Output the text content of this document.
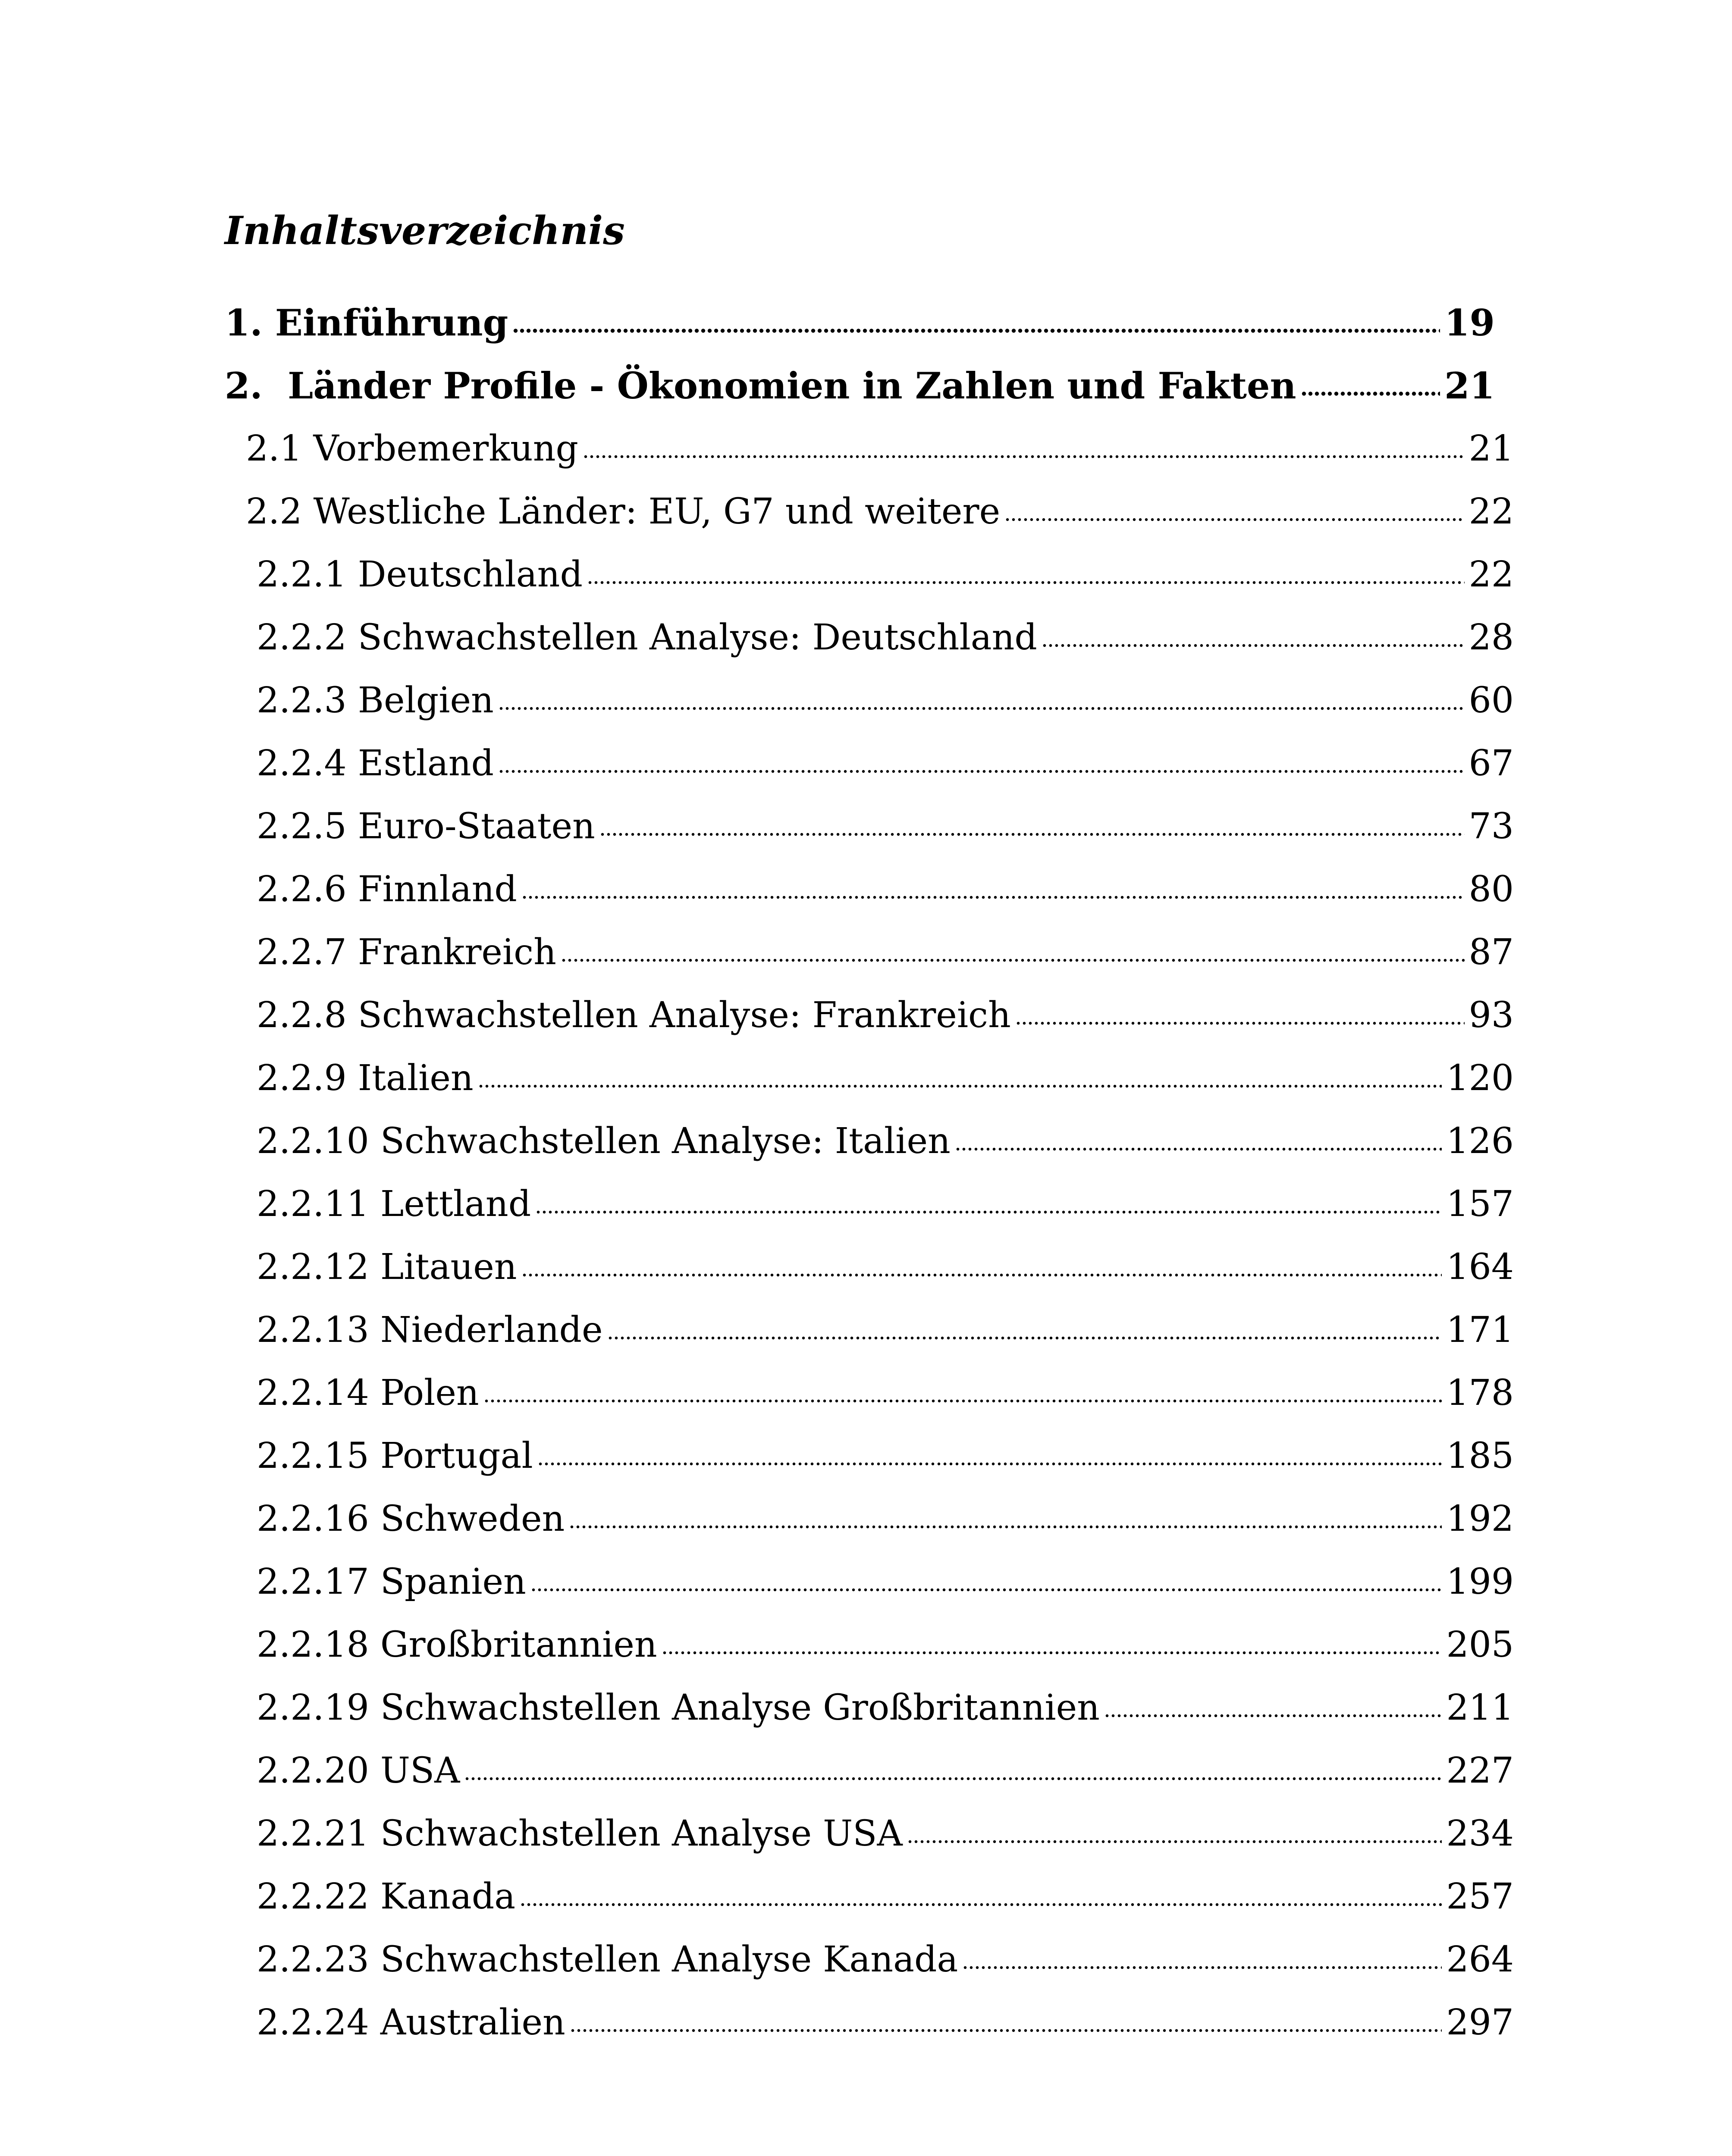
Inhaltsverzeichnis
1. Einführung	19
2.  Länder Profile - Ökonomien in Zahlen und Fakten	21
2.1 Vorbemerkung	21
2.2 Westliche Länder: EU, G7 und weitere	22
2.2.1 Deutschland	22
2.2.2 Schwachstellen Analyse: Deutschland	28
2.2.3 Belgien	60
2.2.4 Estland	67
2.2.5 Euro-Staaten	73
2.2.6 Finnland	80
2.2.7 Frankreich	87
2.2.8 Schwachstellen Analyse: Frankreich	93
2.2.9 Italien	120
2.2.10 Schwachstellen Analyse: Italien	126
2.2.11 Lettland	157
2.2.12 Litauen	164
2.2.13 Niederlande	171
2.2.14 Polen	178
2.2.15 Portugal	185
2.2.16 Schweden	192
2.2.17 Spanien	199
2.2.18 Großbritannien	205
2.2.19 Schwachstellen Analyse Großbritannien	211
2.2.20 USA	227
2.2.21 Schwachstellen Analyse USA	234
2.2.22 Kanada	257
2.2.23 Schwachstellen Analyse Kanada	264
2.2.24 Australien	297
